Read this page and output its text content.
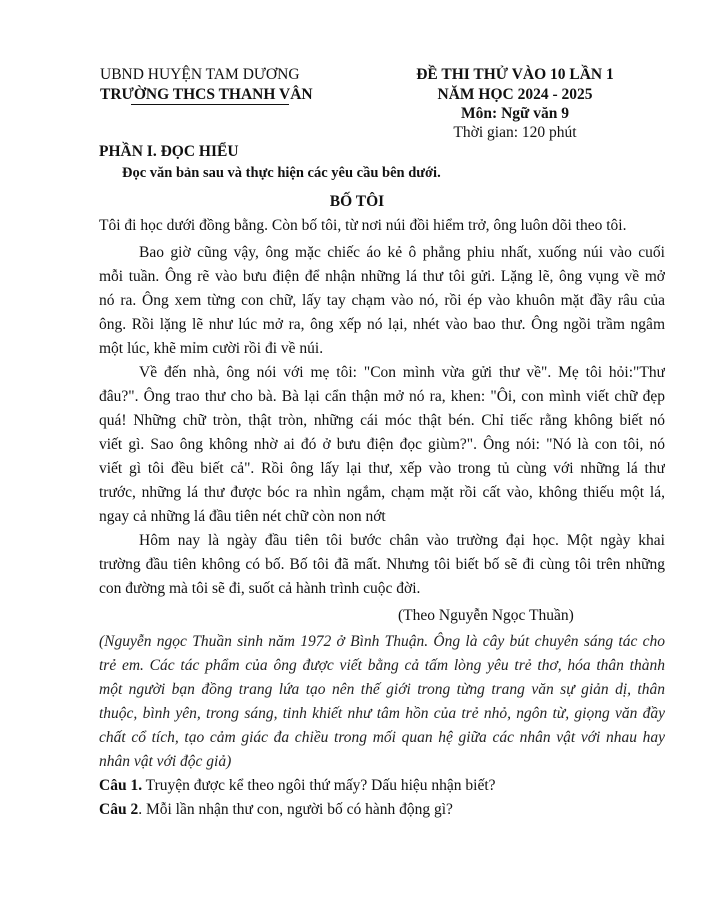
UBND HUYỆN TAM DƯƠNG
TRƯỜNG THCS THANH VÂN
ĐỀ THI THỬ VÀO 10 LẦN 1
NĂM HỌC 2024 - 2025
Môn: Ngữ văn 9
Thời gian: 120 phút
PHẦN I. ĐỌC HIỂU
Đọc văn bản sau và thực hiện các yêu cầu bên dưới.
BỐ TÔI
Tôi đi học dưới đồng bằng. Còn bố tôi, từ nơi núi đồi hiểm trở, ông luôn dõi theo tôi.
Bao giờ cũng vậy, ông mặc chiếc áo kẻ ô phẳng phiu nhất, xuống núi vào cuối
mỗi tuần. Ông rẽ vào bưu điện để nhận những lá thư tôi gửi. Lặng lẽ, ông vụng về mở
nó ra. Ông xem từng con chữ, lấy tay chạm vào nó, rồi ép vào khuôn mặt đầy râu của
ông. Rồi lặng lẽ như lúc mở ra, ông xếp nó lại, nhét vào bao thư. Ông ngồi trầm ngâm
một lúc, khẽ mỉm cười rồi đi về núi.
Về đến nhà, ông nói với mẹ tôi: "Con mình vừa gửi thư về". Mẹ tôi hỏi:"Thư
đâu?". Ông trao thư cho bà. Bà lại cẩn thận mở nó ra, khen: "Ôi, con mình viết chữ đẹp
quá! Những chữ tròn, thật tròn, những cái móc thật bén. Chỉ tiếc rằng không biết nó
viết gì. Sao ông không nhờ ai đó ở bưu điện đọc giùm?". Ông nói: "Nó là con tôi, nó
viết gì tôi đều biết cả". Rồi ông lấy lại thư, xếp vào trong tủ cùng với những lá thư
trước, những lá thư được bóc ra nhìn ngắm, chạm mặt rồi cất vào, không thiếu một lá,
ngay cả những lá đầu tiên nét chữ còn non nớt
Hôm nay là ngày đầu tiên tôi bước chân vào trường đại học. Một ngày khai
trường đầu tiên không có bố. Bố tôi đã mất. Nhưng tôi biết bố sẽ đi cùng tôi trên những
con đường mà tôi sẽ đi, suốt cả hành trình cuộc đời.
(Theo Nguyễn Ngọc Thuần)
(Nguyễn ngọc Thuần sinh năm 1972 ở Bình Thuận. Ông là cây bút chuyên sáng tác cho
trẻ em. Các tác phẩm của ông được viết bằng cả tấm lòng yêu trẻ thơ, hóa thân thành
một người bạn đồng trang lứa tạo nên thế giới trong từng trang văn sự giản dị, thân
thuộc, bình yên, trong sáng, tinh khiết như tâm hồn của trẻ nhỏ, ngôn từ, giọng văn đầy
chất cổ tích, tạo cảm giác đa chiều trong mối quan hệ giữa các nhân vật với nhau hay
nhân vật với độc giả)
Câu 1. Truyện được kể theo ngôi thứ mấy? Dấu hiệu nhận biết?
Câu 2. Mỗi lần nhận thư con, người bố có hành động gì?
